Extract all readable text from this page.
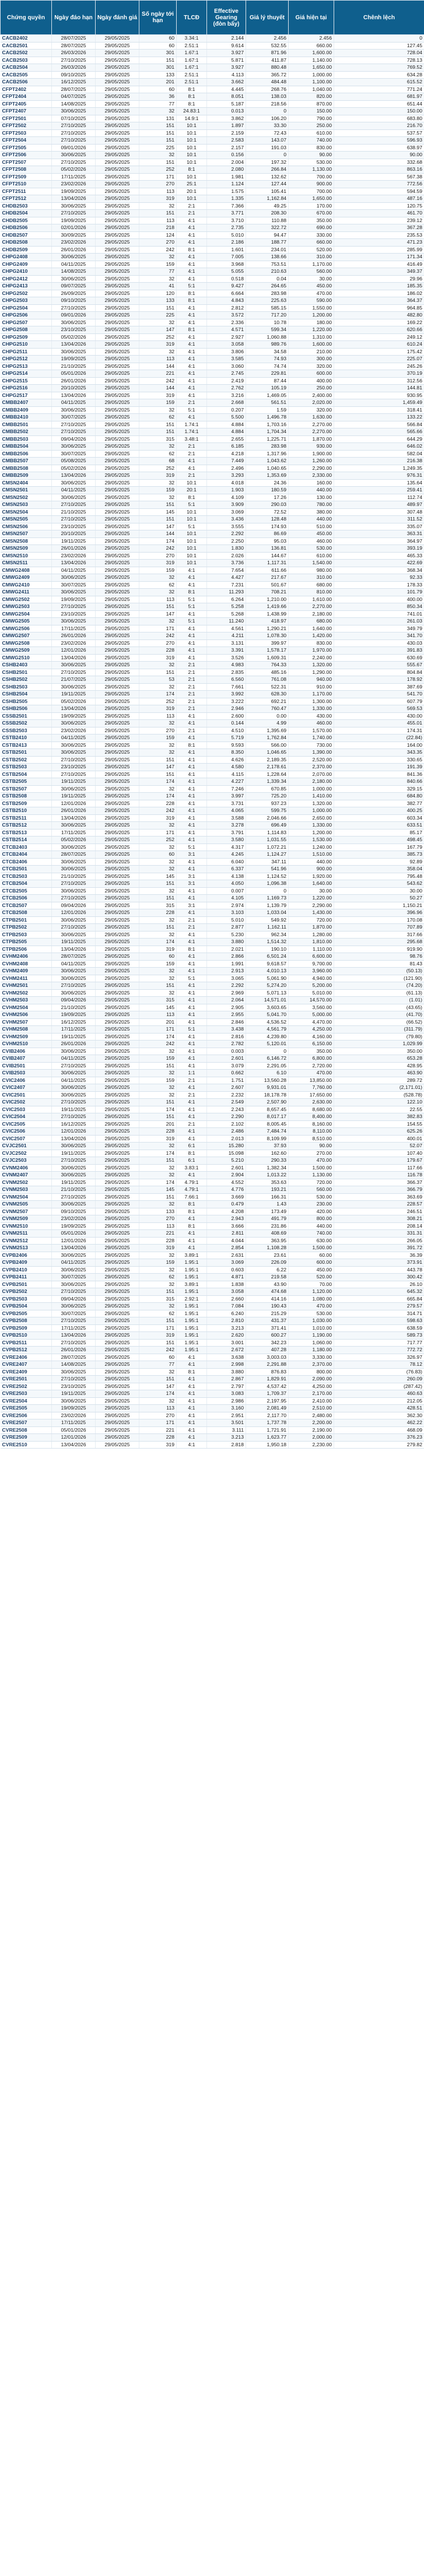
Chứng quyền	Ngày đáo hạn	Ngày đánh giá	Số ngày tới hạn	TLCĐ	Effective Gearing (đòn bẩy)	Giá lý thuyết	Giá hiện tại	Chênh lệch
CACB2402	28/07/2025	29/05/2025	60	3.34:1	2.144	2.456	2.456	0
CACB2501	28/07/2025	29/05/2025	60	2.51:1	9.614	532.55	660.00	127.45
CACB2502	26/03/2026	29/05/2025	301	1.67:1	3.927	871.96	1,600.00	728.04
CACB2503	27/10/2025	29/05/2025	151	1.67:1	5.871	411.87	1,140.00	728.13
CACB2504	26/03/2026	29/05/2025	301	1.67:1	3.927	880.48	1,650.00	769.52
CACB2505	09/10/2025	29/05/2025	133	2.51:1	4.113	365.72	1,000.00	634.28
CACB2506	16/12/2025	29/05/2025	201	2.51:1	3.662	484.48	1,100.00	615.52
CFPT2402	28/07/2025	29/05/2025	60	8:1	4.445	268.76	1,040.00	771.24
CFPT2404	04/07/2025	29/05/2025	36	8:1	8.051	138.03	820.00	681.97
CFPT2405	14/08/2025	29/05/2025	77	8:1	5.187	218.56	870.00	651.44
CFPT2407	30/06/2025	29/05/2025	32	24.83:1	0.013	0	150.00	150.00
CFPT2501	07/10/2025	29/05/2025	131	14.9:1	3.862	106.20	790.00	683.80
CFPT2502	27/10/2025	29/05/2025	151	10:1	1.897	33.30	250.00	216.70
CFPT2503	27/10/2025	29/05/2025	151	10:1	2.159	72.43	610.00	537.57
CFPT2504	27/10/2025	29/05/2025	151	10:1	2.583	143.07	740.00	596.93
CFPT2505	09/01/2026	29/05/2025	225	10:1	2.157	191.03	830.00	638.97
CFPT2506	30/06/2025	29/05/2025	32	10:1	0.156	0	90.00	90.00
CFPT2507	27/10/2025	29/05/2025	151	10:1	2.004	197.32	530.00	332.68
CFPT2508	05/02/2026	29/05/2025	252	8:1	2.080	266.84	1,130.00	863.16
CFPT2509	17/11/2025	29/05/2025	171	10:1	1.981	132.62	700.00	567.38
CFPT2510	23/02/2026	29/05/2025	270	25:1	1.124	127.44	900.00	772.56
CFPT2511	19/09/2025	29/05/2025	113	20:1	1.575	105.41	700.00	594.59
CFPT2512	13/04/2026	29/05/2025	319	10:1	1.335	1,162.84	1,650.00	487.16
CHDB2503	30/06/2025	29/05/2025	32	2:1	7.366	49.25	170.00	120.75
CHDB2504	27/10/2025	29/05/2025	151	2:1	3.771	208.30	670.00	461.70
CHDB2505	19/09/2025	29/05/2025	113	4:1	3.710	110.88	350.00	239.12
CHDB2506	02/01/2026	29/05/2025	218	4:1	2.735	322.72	690.00	367.28
CHDB2507	30/09/2025	29/05/2025	124	4:1	5.010	94.47	330.00	235.53
CHDB2508	23/02/2026	29/05/2025	270	4:1	2.186	188.77	660.00	471.23
CHDB2509	26/01/2026	29/05/2025	242	8:1	1.601	234.01	520.00	285.99
CHPG2408	30/06/2025	29/05/2025	32	4:1	7.005	138.66	310.00	171.34
CHPG2409	04/11/2025	29/05/2025	159	4:1	3.968	753.51	1,170.00	416.49
CHPG2410	14/08/2025	29/05/2025	77	4:1	5.055	210.63	560.00	349.37
CHPG2412	30/06/2025	29/05/2025	32	4:1	0.518	0.04	30.00	29.96
CHPG2413	09/07/2025	29/05/2025	41	5:1	9.427	264.65	450.00	185.35
CHPG2502	26/09/2025	29/05/2025	120	8:1	6.664	283.98	470.00	186.02
CHPG2503	09/10/2025	29/05/2025	133	8:1	4.843	225.63	590.00	364.37
CHPG2504	27/10/2025	29/05/2025	151	4:1	2.812	585.15	1,550.00	964.85
CHPG2506	09/01/2026	29/05/2025	225	4:1	3.572	717.20	1,200.00	482.80
CHPG2507	30/06/2025	29/05/2025	32	4:1	2.336	10.78	180.00	169.22
CHPG2508	23/10/2025	29/05/2025	147	8:1	4.571	599.34	1,220.00	620.66
CHPG2509	05/02/2026	29/05/2025	252	4:1	2.927	1,060.88	1,310.00	249.12
CHPG2510	13/04/2026	29/05/2025	319	4:1	3.058	989.76	1,600.00	610.24
CHPG2511	30/06/2025	29/05/2025	32	4:1	3.806	34.58	210.00	175.42
CHPG2512	19/09/2025	29/05/2025	113	4:1	3.585	74.93	300.00	225.07
CHPG2513	21/10/2025	29/05/2025	144	4:1	3.060	74.74	320.00	245.26
CHPG2514	05/01/2026	29/05/2025	221	4:1	2.745	229.81	600.00	370.19
CHPG2515	26/01/2026	29/05/2025	242	4:1	2.419	87.44	400.00	312.56
CHPG2516	20/10/2025	29/05/2025	144	4:1	2.762	105.19	250.00	144.81
CHPG2517	13/04/2026	29/05/2025	319	4:1	3.216	1,469.05	2,400.00	930.95
CMBB2407	04/11/2025	29/05/2025	159	2:1	2.668	561.51	2,020.00	1,459.49
CMBB2409	30/06/2025	29/05/2025	32	5:1	0.207	1.59	320.00	318.41
CMBB2410	30/07/2025	29/05/2025	62	4:1	5.500	1,496.78	1,630.00	133.22
CMBB2501	27/10/2025	29/05/2025	151	1.74:1	4.884	1,703.16	2,270.00	566.84
CMBB2502	27/10/2025	29/05/2025	151	1.74:1	4.884	1,704.34	2,270.00	565.66
CMBB2503	09/04/2026	29/05/2025	315	3.48:1	2.655	1,225.71	1,870.00	644.29
CMBB2504	30/06/2025	29/05/2025	32	2:1	6.185	283.98	930.00	646.02
CMBB2506	30/07/2025	29/05/2025	62	2:1	4.218	1,317.96	1,900.00	582.04
CMBB2507	05/08/2025	29/05/2025	68	4:1	7.449	1,043.62	1,260.00	216.38
CMBB2508	05/02/2026	29/05/2025	252	4:1	2.496	1,040.65	2,290.00	1,249.35
CMBB2509	13/04/2026	29/05/2025	319	2:1	3.293	1,353.69	2,330.00	976.31
CMSN2404	30/06/2025	29/05/2025	32	10:1	4.018	24.36	160.00	135.64
CMSN2501	04/11/2025	29/05/2025	159	20:1	1.903	180.59	440.00	259.41
CMSN2502	30/06/2025	29/05/2025	32	8:1	4.109	17.26	130.00	112.74
CMSN2503	27/10/2025	29/05/2025	151	5:1	3.909	290.03	780.00	489.97
CMSN2504	21/10/2025	29/05/2025	145	10:1	3.069	72.52	380.00	307.48
CMSN2505	27/10/2025	29/05/2025	151	10:1	3.436	128.48	440.00	311.52
CMSN2506	23/10/2025	29/05/2025	147	5:1	3.555	174.93	510.00	335.07
CMSN2507	20/10/2025	29/05/2025	144	10:1	2.292	86.69	450.00	363.31
CMSN2508	19/11/2025	29/05/2025	174	10:1	2.250	95.03	460.00	364.97
CMSN2509	26/01/2026	29/05/2025	242	10:1	1.830	136.81	530.00	393.19
CMSN2510	23/02/2026	29/05/2025	270	10:1	2.026	144.67	610.00	465.33
CMSN2511	13/04/2026	29/05/2025	319	10:1	3.736	1,117.31	1,540.00	422.69
CMWG2408	04/11/2025	29/05/2025	159	4:1	7.654	611.66	980.00	368.34
CMWG2409	30/06/2025	29/05/2025	32	4:1	4.427	217.67	310.00	92.33
CMWG2410	30/07/2025	29/05/2025	62	4:1	7.231	501.67	680.00	178.33
CMWG2411	30/06/2025	29/05/2025	32	8:1	11.293	708.21	810.00	101.79
CMWG2502	19/09/2025	29/05/2025	113	5:1	6.264	1,210.00	1,610.00	400.00
CMWG2503	27/10/2025	29/05/2025	151	5:1	5.258	1,419.66	2,270.00	850.34
CMWG2504	23/10/2025	29/05/2025	147	4:1	5.268	1,438.99	2,180.00	741.01
CMWG2505	30/06/2025	29/05/2025	32	5:1	11.240	418.97	680.00	261.03
CMWG2506	17/11/2025	29/05/2025	171	4:1	4.561	1,290.21	1,640.00	349.79
CMWG2507	26/01/2026	29/05/2025	242	4:1	4.211	1,078.30	1,420.00	341.70
CMWG2508	23/02/2026	29/05/2025	270	4:1	3.131	399.97	830.00	430.03
CMWG2509	12/01/2026	29/05/2025	228	4:1	3.391	1,578.17	1,970.00	391.83
CMWG2510	13/04/2026	29/05/2025	319	4:1	3.526	1,609.31	2,240.00	630.69
CSHB2403	30/06/2025	29/05/2025	32	2:1	4.983	764.33	1,320.00	555.67
CSHB2501	27/10/2025	29/05/2025	151	2:1	2.835	485.16	1,290.00	804.84
CSHB2502	21/07/2025	29/05/2025	53	2:1	6.560	761.08	940.00	178.92
CSHB2503	30/06/2025	29/05/2025	32	2:1	7.661	522.31	910.00	387.69
CSHB2504	19/11/2025	29/05/2025	174	2:1	3.992	628.30	1,170.00	541.70
CSHB2505	05/02/2026	29/05/2025	252	2:1	3.222	692.21	1,300.00	607.79
CSHB2506	13/04/2026	29/05/2025	319	2:1	2.946	760.47	1,330.00	569.53
CSSB2501	19/09/2025	29/05/2025	113	4:1	2.600	0.00	430.00	430.00
CSSB2502	30/06/2025	29/05/2025	32	4:1	0.144	4.99	460.00	455.01
CSSB2503	23/02/2026	29/05/2025	270	2:1	4.510	1,395.69	1,570.00	174.31
CSTB2410	04/11/2025	29/05/2025	159	4:1	5.719	1,762.84	1,740.00	(22.84)
CSTB2413	30/06/2025	29/05/2025	32	8:1	9.593	566.00	730.00	164.00
CSTB2501	30/06/2025	29/05/2025	32	4:1	8.350	1,046.65	1,390.00	343.35
CSTB2502	27/10/2025	29/05/2025	151	4:1	4.626	2,189.35	2,520.00	330.65
CSTB2503	23/10/2025	29/05/2025	147	4:1	4.580	2,178.61	2,370.00	191.39
CSTB2504	27/10/2025	29/05/2025	151	4:1	4.115	1,228.64	2,070.00	841.36
CSTB2505	19/11/2025	29/05/2025	174	4:1	4.227	1,339.34	2,180.00	840.66
CSTB2507	30/06/2025	29/05/2025	32	4:1	7.246	670.85	1,000.00	329.15
CSTB2508	19/11/2025	29/05/2025	174	4:1	3.997	725.20	1,410.00	684.80
CSTB2509	12/01/2026	29/05/2025	228	4:1	3.731	937.23	1,320.00	382.77
CSTB2510	26/01/2026	29/05/2025	242	4:1	4.065	599.75	1,000.00	400.25
CSTB2511	13/04/2026	29/05/2025	319	4:1	3.588	2,046.66	2,650.00	603.34
CSTB2512	30/06/2025	29/05/2025	32	4:1	3.278	696.49	1,330.00	633.51
CSTB2513	17/11/2025	29/05/2025	171	4:1	3.791	1,114.83	1,200.00	85.17
CSTB2514	05/02/2026	29/05/2025	252	4:1	3.580	1,031.55	1,530.00	498.45
CTCB2403	30/06/2025	29/05/2025	32	5:1	4.317	1,072.21	1,240.00	167.79
CTCB2404	28/07/2025	29/05/2025	60	3:1	4.245	1,124.27	1,510.00	385.73
CTCB2406	30/06/2025	29/05/2025	32	4:1	6.040	347.11	440.00	92.89
CTCB2501	30/06/2025	29/05/2025	32	4:1	6.337	541.96	900.00	358.04
CTCB2503	21/10/2025	29/05/2025	145	3:1	4.138	1,124.52	1,920.00	795.48
CTCB2504	27/10/2025	29/05/2025	151	3:1	4.050	1,096.38	1,640.00	543.62
CTCB2505	30/06/2025	29/05/2025	32	4:1	0.007	0	30.00	30.00
CTCB2506	27/10/2025	29/05/2025	151	4:1	4.105	1,169.73	1,220.00	50.27
CTCB2507	09/04/2026	29/05/2025	315	3:1	2.974	1,139.79	2,290.00	1,150.21
CTCB2508	12/01/2026	29/05/2025	228	4:1	3.103	1,033.04	1,430.00	396.96
CTPB2501	30/06/2025	29/05/2025	32	2:1	5.010	549.92	720.00	170.08
CTPB2502	27/10/2025	29/05/2025	151	2:1	2.877	1,162.11	1,870.00	707.89
CTPB2503	30/06/2025	29/05/2025	32	4:1	5.230	962.34	1,280.00	317.66
CTPB2505	19/11/2025	29/05/2025	174	4:1	3.880	1,514.32	1,810.00	295.68
CTPB2506	13/04/2026	29/05/2025	319	8:1	2.021	190.10	1,110.00	919.90
CVHM2406	28/07/2025	29/05/2025	60	4:1	2.866	6,501.24	6,600.00	98.76
CVHM2408	04/11/2025	29/05/2025	159	4:1	1.991	9,618.57	9,700.00	81.43
CVHM2409	30/06/2025	29/05/2025	32	4:1	2.913	4,010.13	3,960.00	(50.13)
CVHM2411	30/06/2025	29/05/2025	32	5:1	3.065	5,061.90	4,940.00	(121.90)
CVHM2501	27/10/2025	29/05/2025	151	4:1	2.292	5,274.20	5,200.00	(74.20)
CVHM2502	30/06/2025	29/05/2025	32	4:1	2.969	5,071.13	5,010.00	(61.13)
CVHM2503	09/04/2026	29/05/2025	315	4:1	2.064	14,571.01	14,570.00	(1.01)
CVHM2504	21/10/2025	29/05/2025	145	4:1	2.905	3,603.65	3,560.00	(43.65)
CVHM2506	19/09/2025	29/05/2025	113	4:1	2.955	5,041.70	5,000.00	(41.70)
CVHM2507	16/12/2025	29/05/2025	201	4:1	2.846	4,536.52	4,470.00	(66.52)
CVHM2508	17/11/2025	29/05/2025	171	5:1	3.438	4,561.79	4,250.00	(311.79)
CVHM2509	19/11/2025	29/05/2025	174	4:1	2.816	4,239.80	4,160.00	(79.80)
CVHM2510	26/01/2026	29/05/2025	242	4:1	2.782	5,120.01	6,150.00	1,029.99
CVIB2406	30/06/2025	29/05/2025	32	4:1	0.003	0	350.00	350.00
CVIB2407	04/11/2025	29/05/2025	159	4:1	2.601	6,146.72	6,800.00	653.28
CVIB2501	27/10/2025	29/05/2025	151	4:1	3.079	2,291.05	2,720.00	428.95
CVIB2503	30/06/2025	29/05/2025	32	1:1	0.662	6.10	470.00	463.90
CVIC2406	04/11/2025	29/05/2025	159	2:1	1.751	13,560.28	13,850.00	289.72
CVIC2407	30/06/2025	29/05/2025	32	4:1	2.607	9,931.01	7,760.00	(2,171.01)
CVIC2501	30/06/2025	29/05/2025	32	2:1	2.232	18,178.78	17,650.00	(528.78)
CVIC2502	27/10/2025	29/05/2025	151	4:1	2.549	2,507.90	2,630.00	122.10
CVIC2503	19/11/2025	29/05/2025	174	4:1	2.243	8,657.45	8,680.00	22.55
CVIC2504	27/10/2025	29/05/2025	151	4:1	2.290	8,017.17	8,400.00	382.83
CVIC2505	16/12/2025	29/05/2025	201	2:1	2.102	8,005.45	8,160.00	154.55
CVIC2506	12/01/2026	29/05/2025	228	4:1	2.486	7,484.74	8,110.00	625.26
CVIC2507	13/04/2026	29/05/2025	319	4:1	2.013	8,109.99	8,510.00	400.01
CVJC2501	30/06/2025	29/05/2025	32	6:1	15.280	37.93	90.00	52.07
CVJC2502	19/11/2025	29/05/2025	174	8:1	15.098	162.60	270.00	107.40
CVJC2503	27/10/2025	29/05/2025	151	6:1	5.210	290.33	470.00	179.67
CVNM2406	30/06/2025	29/05/2025	32	3.83:1	2.601	1,382.34	1,500.00	117.66
CVNM2407	30/06/2025	29/05/2025	32	4:1	2.904	1,013.22	1,130.00	116.78
CVNM2502	19/11/2025	29/05/2025	174	4.79:1	4.552	353.63	720.00	366.37
CVNM2503	21/10/2025	29/05/2025	145	4.79:1	4.776	193.21	560.00	366.79
CVNM2504	27/10/2025	29/05/2025	151	7.66:1	3.669	166.31	530.00	363.69
CVNM2505	30/06/2025	29/05/2025	32	8:1	0.479	1.43	230.00	228.57
CVNM2507	09/10/2025	29/05/2025	133	8:1	4.208	173.49	420.00	246.51
CVNM2509	23/02/2026	29/05/2025	270	4:1	2.943	491.79	800.00	308.21
CVNM2510	19/09/2025	29/05/2025	113	8:1	3.666	231.86	440.00	208.14
CVNM2511	05/01/2026	29/05/2025	221	4:1	2.811	408.69	740.00	331.31
CVNM2512	12/01/2026	29/05/2025	228	4:1	4.044	363.95	630.00	266.05
CVNM2513	13/04/2026	29/05/2025	319	4:1	2.854	1,108.28	1,500.00	391.72
CVPB2406	30/06/2025	29/05/2025	32	3.89:1	2.631	23.61	60.00	36.39
CVPB2409	04/11/2025	29/05/2025	159	1.95:1	3.069	226.09	600.00	373.91
CVPB2410	30/06/2025	29/05/2025	32	1.95:1	0.603	6.22	450.00	443.78
CVPB2411	30/07/2025	29/05/2025	62	1.95:1	4.871	219.58	520.00	300.42
CVPB2501	30/06/2025	29/05/2025	32	3.89:1	1.838	43.90	70.00	26.10
CVPB2502	27/10/2025	29/05/2025	151	1.95:1	3.058	474.68	1,120.00	645.32
CVPB2503	09/04/2026	29/05/2025	315	2.92:1	2.660	414.16	1,080.00	665.84
CVPB2504	30/06/2025	29/05/2025	32	1.95:1	7.084	190.43	470.00	279.57
CVPB2505	30/07/2025	29/05/2025	62	1.95:1	6.240	215.29	530.00	314.71
CVPB2508	27/10/2025	29/05/2025	151	1.95:1	2.810	431.37	1,030.00	598.63
CVPB2509	17/11/2025	29/05/2025	171	1.95:1	3.213	371.41	1,010.00	638.59
CVPB2510	13/04/2026	29/05/2025	319	1.95:1	2.620	600.27	1,190.00	589.73
CVPB2511	27/10/2025	29/05/2025	151	1.95:1	3.001	342.23	1,060.00	717.77
CVPB2512	26/01/2026	29/05/2025	242	1.95:1	2.672	407.28	1,180.00	772.72
CVRE2406	28/07/2025	29/05/2025	60	4:1	3.638	3,003.03	3,330.00	326.97
CVRE2407	14/08/2025	29/05/2025	77	4:1	2.998	2,291.88	2,370.00	78.12
CVRE2409	30/06/2025	29/05/2025	32	8:1	3.880	876.83	800.00	(76.83)
CVRE2501	27/10/2025	29/05/2025	151	4:1	2.867	1,829.91	2,090.00	260.09
CVRE2502	23/10/2025	29/05/2025	147	4:1	2.797	4,537.42	4,250.00	(287.42)
CVRE2503	19/11/2025	29/05/2025	174	4:1	3.083	1,709.37	2,170.00	460.63
CVRE2504	30/06/2025	29/05/2025	32	4:1	2.986	2,197.95	2,410.00	212.05
CVRE2505	19/09/2025	29/05/2025	113	4:1	3.160	2,081.49	2,510.00	428.51
CVRE2506	23/02/2026	29/05/2025	270	4:1	2.951	2,117.70	2,480.00	362.30
CVRE2507	17/11/2025	29/05/2025	171	4:1	3.501	1,737.78	2,200.00	462.22
CVRE2508	05/01/2026	29/05/2025	221	4:1	3.111	1,721.91	2,190.00	468.09
CVRE2509	12/01/2026	29/05/2025	228	4:1	3.213	1,623.77	2,000.00	376.23
CVRE2510	13/04/2026	29/05/2025	319	4:1	2.818	1,950.18	2,230.00	279.82
